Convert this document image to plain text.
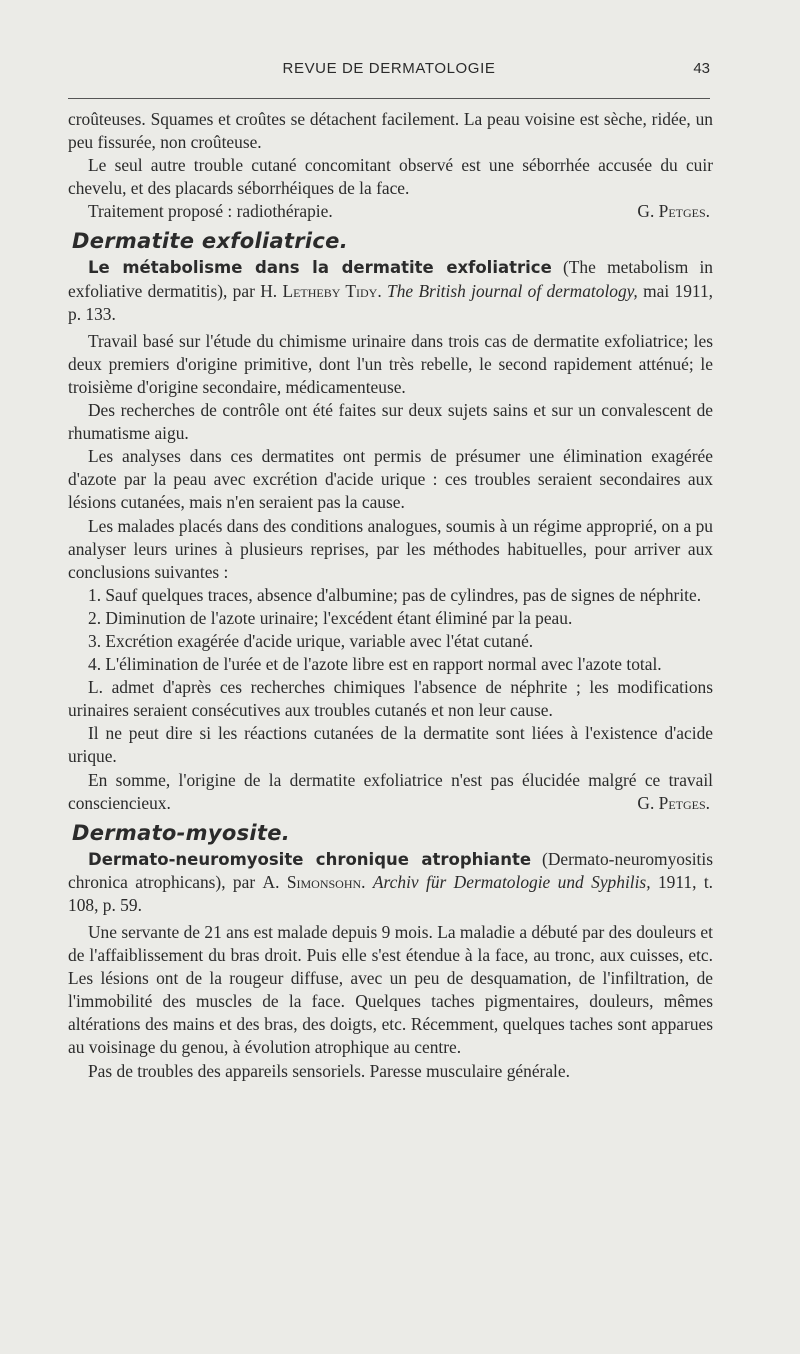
REVUE DE DERMATOLOGIE	43

croûteuses. Squames et croûtes se détachent facilement. La peau voisine est sèche, ridée, un peu fissurée, non croûteuse.

Le seul autre trouble cutané concomitant observé est une séborrhée accusée du cuir chevelu, et des placards séborrhéiques de la face.

Traitement proposé : radiothérapie.	G. Petges.

Dermatite exfoliatrice.

Le métabolisme dans la dermatite exfoliatrice (The metabolism in exfoliative dermatitis), par H. Letheby Tidy. The British journal of dermatology, mai 1911, p. 133.

Travail basé sur l'étude du chimisme urinaire dans trois cas de dermatite exfoliatrice; les deux premiers d'origine primitive, dont l'un très rebelle, le second rapidement atténué; le troisième d'origine secondaire, médicamenteuse.

Des recherches de contrôle ont été faites sur deux sujets sains et sur un convalescent de rhumatisme aigu.

Les analyses dans ces dermatites ont permis de présumer une élimination exagérée d'azote par la peau avec excrétion d'acide urique : ces troubles seraient secondaires aux lésions cutanées, mais n'en seraient pas la cause.

Les malades placés dans des conditions analogues, soumis à un régime approprié, on a pu analyser leurs urines à plusieurs reprises, par les méthodes habituelles, pour arriver aux conclusions suivantes :

1. Sauf quelques traces, absence d'albumine; pas de cylindres, pas de signes de néphrite.

2. Diminution de l'azote urinaire; l'excédent étant éliminé par la peau.

3. Excrétion exagérée d'acide urique, variable avec l'état cutané.

4. L'élimination de l'urée et de l'azote libre est en rapport normal avec l'azote total.

L. admet d'après ces recherches chimiques l'absence de néphrite ; les modifications urinaires seraient consécutives aux troubles cutanés et non leur cause.

Il ne peut dire si les réactions cutanées de la dermatite sont liées à l'existence d'acide urique.

En somme, l'origine de la dermatite exfoliatrice n'est pas élucidée malgré ce travail consciencieux.	G. Petges.

Dermato-myosite.

Dermato-neuromyosite chronique atrophiante (Dermato-neuromyositis chronica atrophicans), par A. Simonsohn. Archiv für Dermatologie und Syphilis, 1911, t. 108, p. 59.

Une servante de 21 ans est malade depuis 9 mois. La maladie a débuté par des douleurs et de l'affaiblissement du bras droit. Puis elle s'est étendue à la face, au tronc, aux cuisses, etc. Les lésions ont de la rougeur diffuse, avec un peu de desquamation, de l'infiltration, de l'immobilité des muscles de la face. Quelques taches pigmentaires, douleurs, mêmes altérations des mains et des bras, des doigts, etc. Récemment, quelques taches sont apparues au voisinage du genou, à évolution atrophique au centre.

Pas de troubles des appareils sensoriels. Paresse musculaire générale.
